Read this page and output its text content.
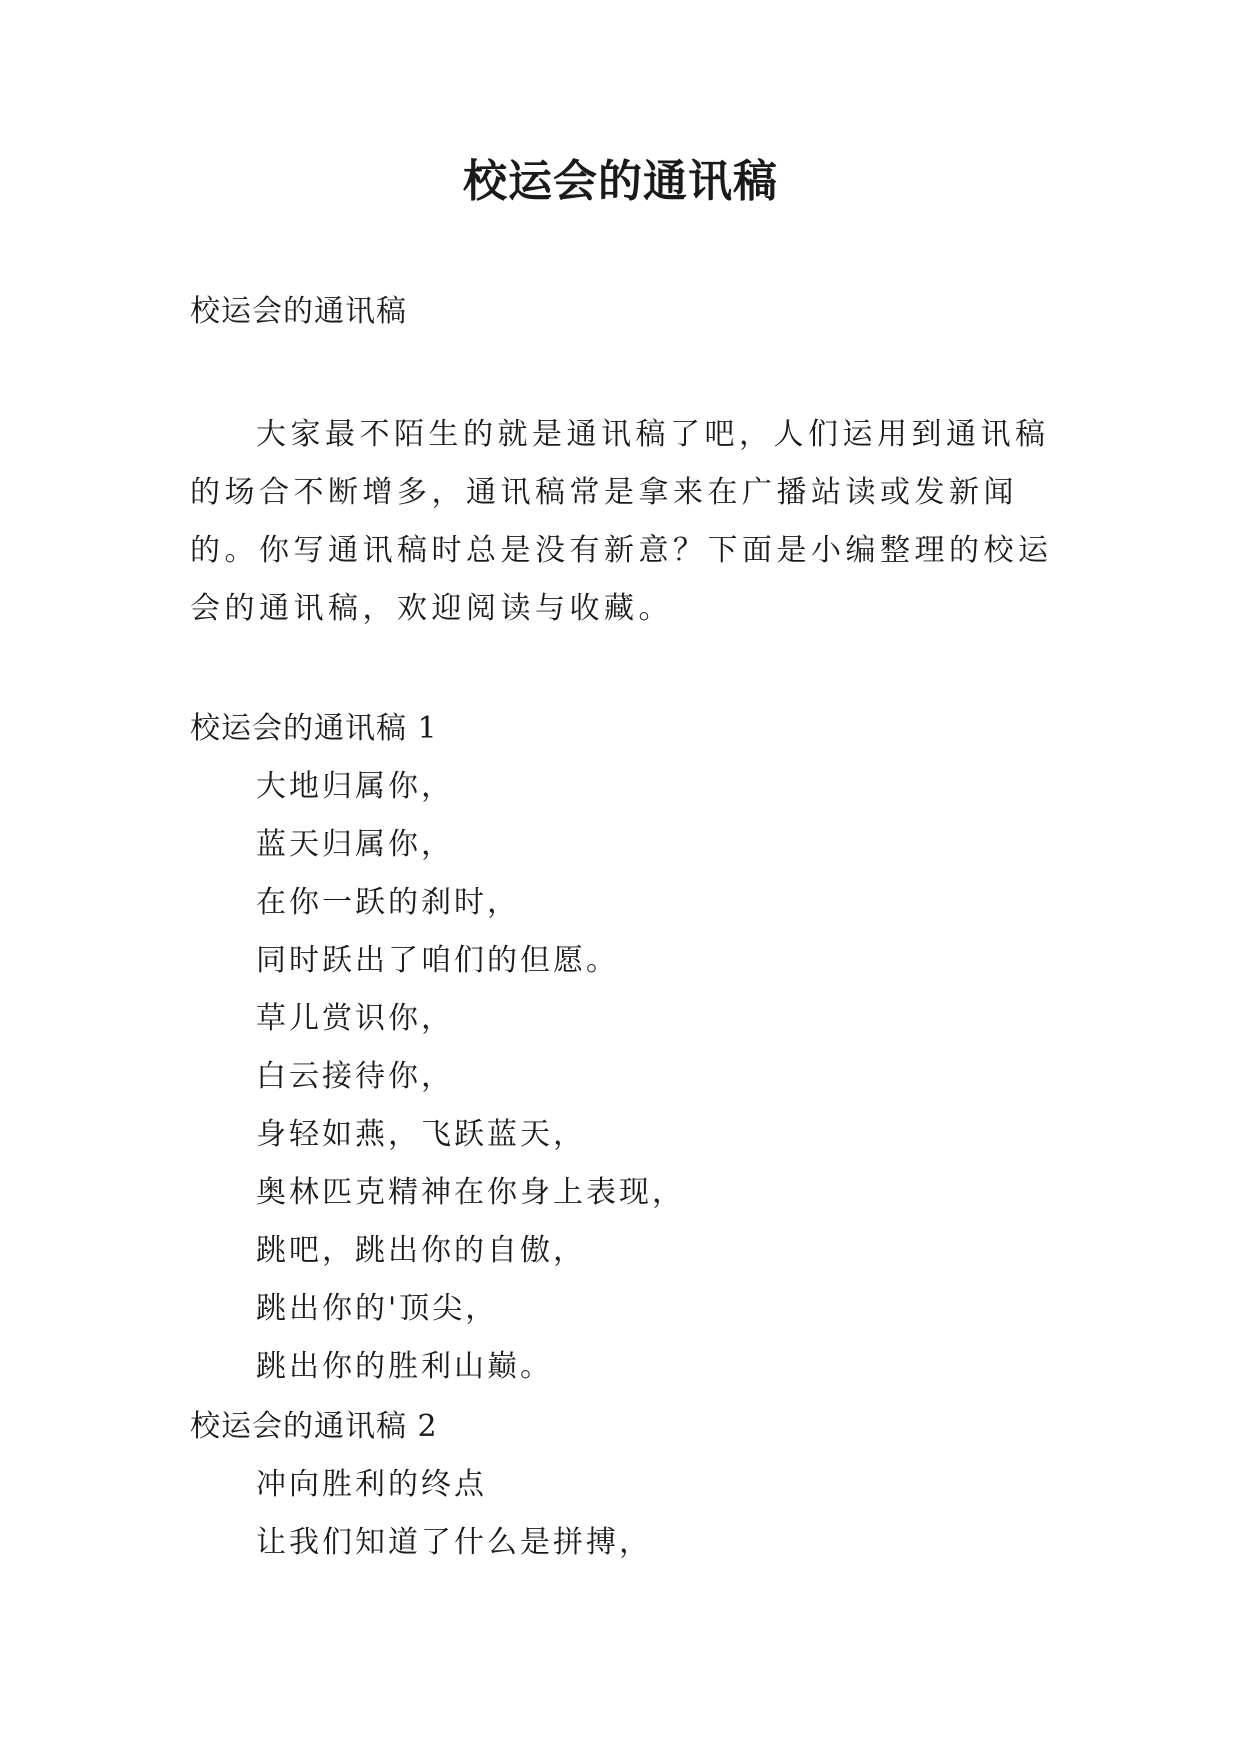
校运会的通讯稿

校运会的通讯稿

大家最不陌生的就是通讯稿了吧，人们运用到通讯稿的场合不断增多，通讯稿常是拿来在广播站读或发新闻的。你写通讯稿时总是没有新意？下面是小编整理的校运会的通讯稿，欢迎阅读与收藏。

校运会的通讯稿 1

大地归属你，

蓝天归属你，

在你一跃的刹时，

同时跃出了咱们的但愿。

草儿赏识你，

白云接待你，

身轻如燕，飞跃蓝天，

奥林匹克精神在你身上表现，

跳吧，跳出你的自傲，

跳出你的'顶尖，

跳出你的胜利山巅。

校运会的通讯稿 2

冲向胜利的终点

让我们知道了什么是拼搏，
